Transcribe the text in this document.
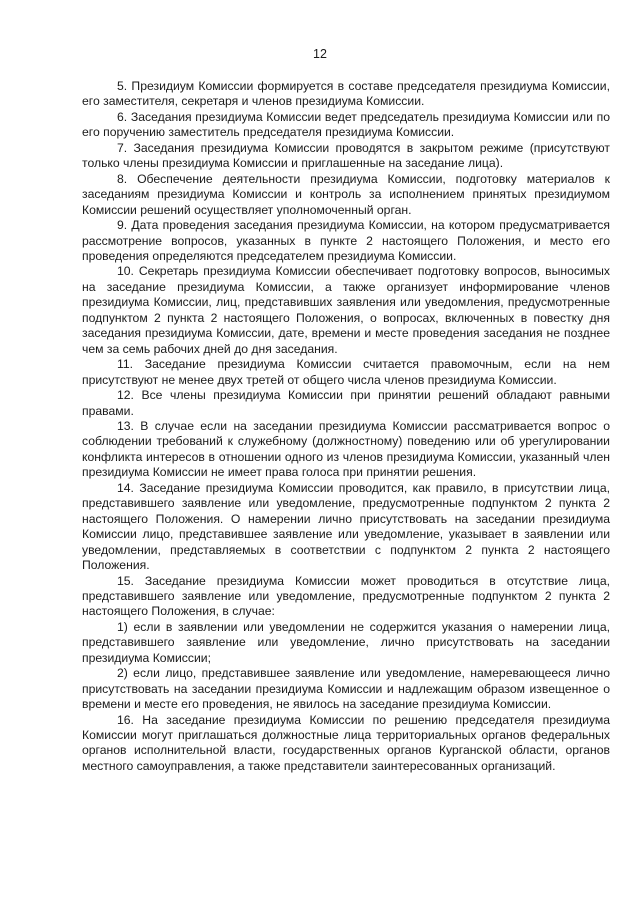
12

5. Президиум Комиссии формируется в составе председателя президиума Комиссии, его заместителя, секретаря и членов президиума Комиссии.

6. Заседания президиума Комиссии ведет председатель президиума Комиссии или по его поручению заместитель председателя президиума Комиссии.

7. Заседания президиума Комиссии проводятся в закрытом режиме (присутствуют только члены президиума Комиссии и приглашенные на заседание лица).

8. Обеспечение деятельности президиума Комиссии, подготовку материалов к заседаниям президиума Комиссии и контроль за исполнением принятых президиумом Комиссии решений осуществляет уполномоченный орган.

9. Дата проведения заседания президиума Комиссии, на котором предусматривается рассмотрение вопросов, указанных в пункте 2 настоящего Положения, и место его проведения определяются председателем президиума Комиссии.

10. Секретарь президиума Комиссии обеспечивает подготовку вопросов, выносимых на заседание президиума Комиссии, а также организует информирование членов президиума Комиссии, лиц, представивших заявления или уведомления, предусмотренные подпунктом 2 пункта 2 настоящего Положения, о вопросах, включенных в повестку дня заседания президиума Комиссии, дате, времени и месте проведения заседания не позднее чем за семь рабочих дней до дня заседания.

11. Заседание президиума Комиссии считается правомочным, если на нем присутствуют не менее двух третей от общего числа членов президиума Комиссии.

12. Все члены президиума Комиссии при принятии решений обладают равными правами.

13. В случае если на заседании президиума Комиссии рассматривается вопрос о соблюдении требований к служебному (должностному) поведению или об урегулировании конфликта интересов в отношении одного из членов президиума Комиссии, указанный член президиума Комиссии не имеет права голоса при принятии решения.

14. Заседание президиума Комиссии проводится, как правило, в присутствии лица, представившего заявление или уведомление, предусмотренные подпунктом 2 пункта 2 настоящего Положения. О намерении лично присутствовать на заседании президиума Комиссии лицо, представившее заявление или уведомление, указывает в заявлении или уведомлении, представляемых в соответствии с подпунктом 2 пункта 2 настоящего Положения.

15. Заседание президиума Комиссии может проводиться в отсутствие лица, представившего заявление или уведомление, предусмотренные подпунктом 2 пункта 2 настоящего Положения, в случае:

1) если в заявлении или уведомлении не содержится указания о намерении лица, представившего заявление или уведомление, лично присутствовать на заседании президиума Комиссии;

2) если лицо, представившее заявление или уведомление, намеревающееся лично присутствовать на заседании президиума Комиссии и надлежащим образом извещенное о времени и месте его проведения, не явилось на заседание президиума Комиссии.

16. На заседание президиума Комиссии по решению председателя президиума Комиссии могут приглашаться должностные лица территориальных органов федеральных органов исполнительной власти, государственных органов Курганской области, органов местного самоуправления, а также представители заинтересованных организаций.
